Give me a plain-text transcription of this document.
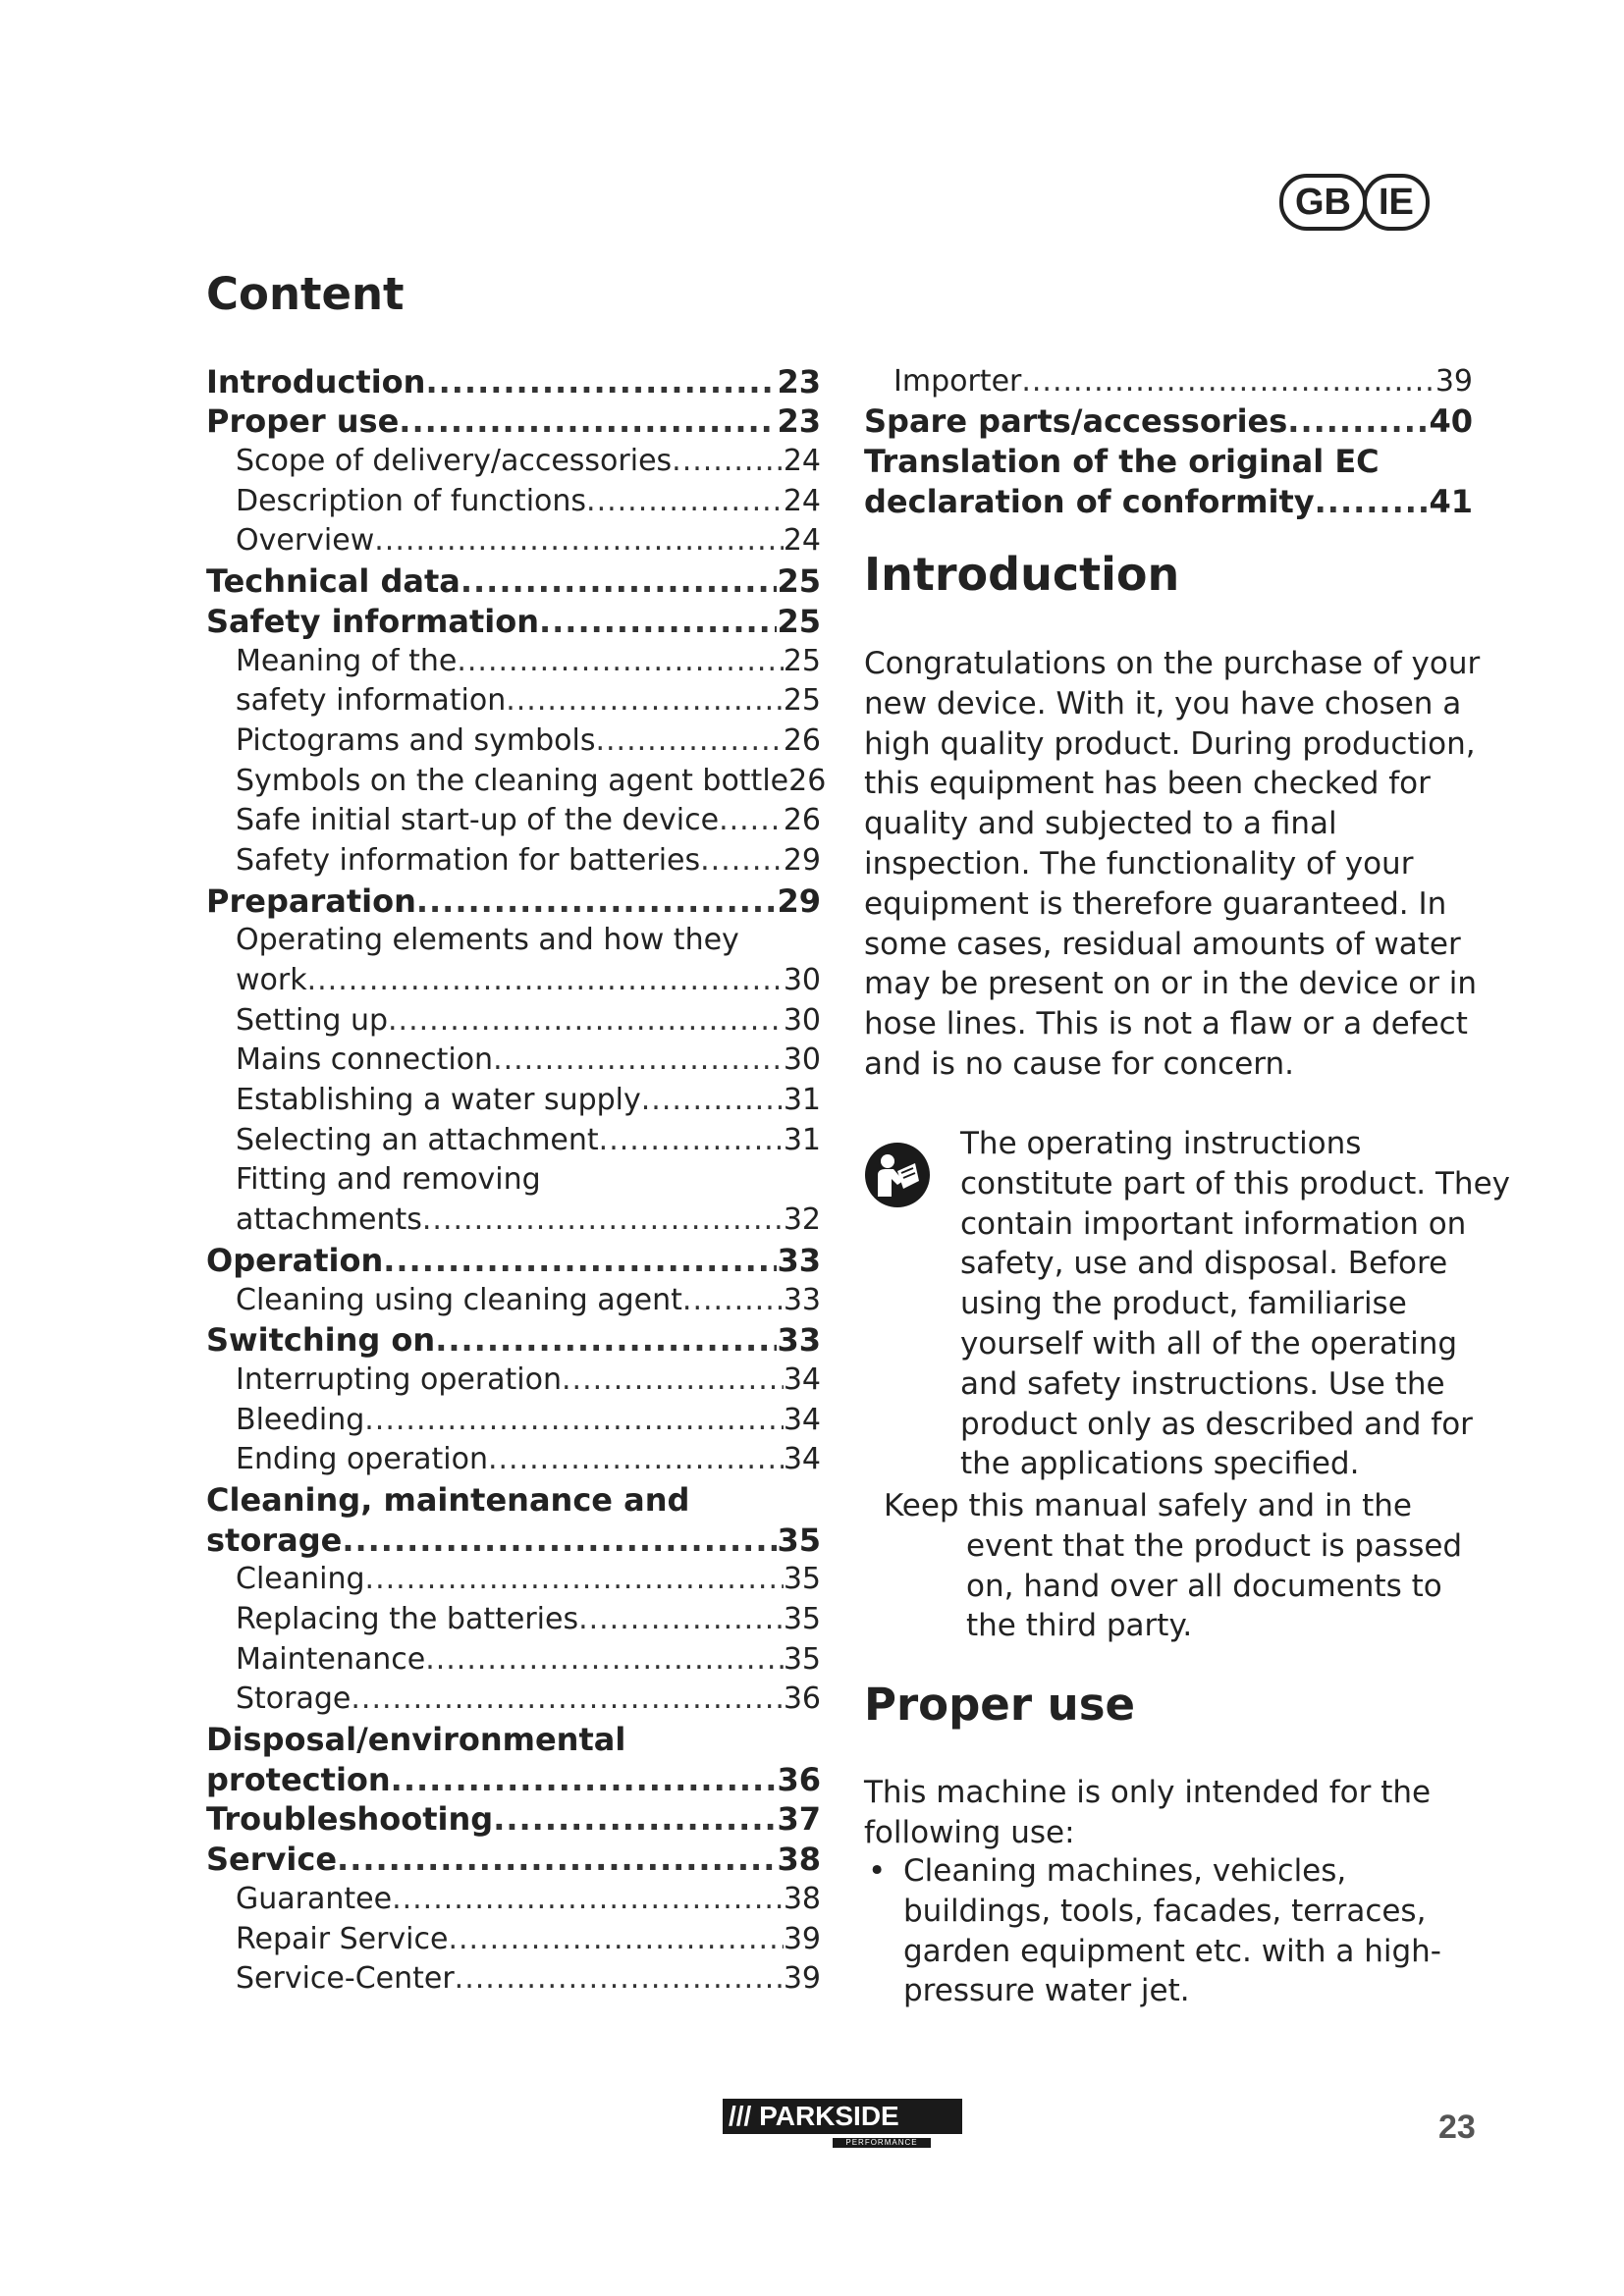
GB IE
Content
Introduction .....	23
Proper use .....	23
Scope of delivery/accessories .....	24
Description of functions .....	24
Overview .....	24
Technical data .....	25
Safety information .....	25
Meaning of the .....	25
safety information .....	25
Pictograms and symbols .....	26
Symbols on the cleaning agent bottle 26
Safe initial start-up of the device ..... 26
Safety information for batteries .....	29
Preparation .....	29
Operating elements and how they
work .....	30
Setting up .....	30
Mains connection .....	30
Establishing a water supply .....	31
Selecting an attachment .....	31
Fitting and removing
attachments .....	32
Operation .....	33
Cleaning using cleaning agent .....	33
Switching on .....	33
Interrupting operation .....	34
Bleeding .....	34
Ending operation .....	34
Cleaning, maintenance and
storage .....	35
Cleaning .....	35
Replacing the batteries .....	35
Maintenance .....	35
Storage .....	36
Disposal/environmental
protection .....	36
Troubleshooting .....	37
Service .....	38
Guarantee .....	38
Repair Service .....	39
Service-Center .....	39
Importer .....	39
Spare parts/accessories .....	40
Translation of the original EC
declaration of conformity .....	41
Introduction

Congratulations on the purchase of your new device. With it, you have chosen a high quality product. During production, this equipment has been checked for quality and subjected to a final inspection. The functionality of your equipment is therefore guaranteed. In some cases, residual amounts of water may be present on or in the device or in hose lines. This is not a flaw or a defect and is no cause for concern.

The operating instructions constitute part of this product. They contain important information on safety, use and disposal. Before using the product, familiarise yourself with all of the operating and safety instructions. Use the product only as described and for the applications specified.

Keep this manual safely and in the
event that the product is passed on, hand over all documents to the third party.

Proper use

This machine is only intended for the following use:

• Cleaning machines, vehicles, buildings, tools, facades, terraces, garden equipment etc. with a high-pressure water jet.
///
PARKSIDE
PERFORMANCE	23
